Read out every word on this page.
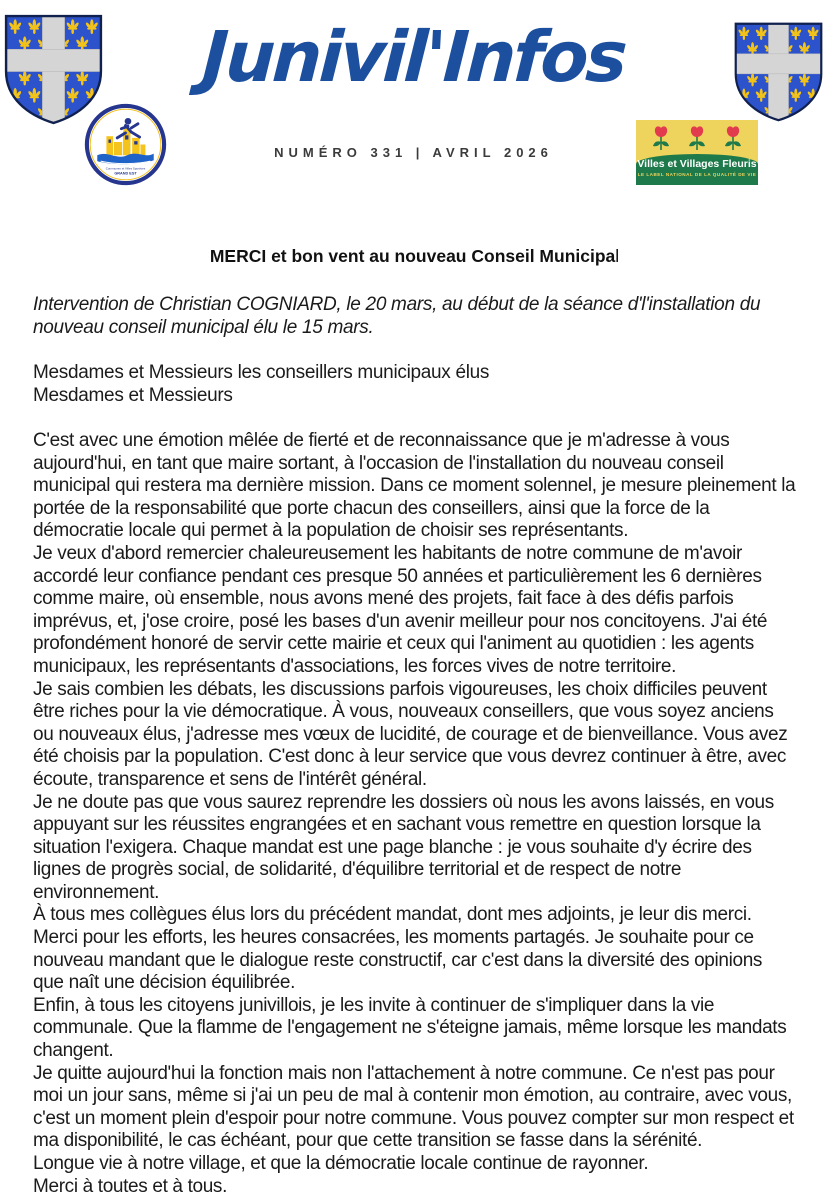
Junivil'Infos
NUMÉRO 331 | AVRIL 2026
Communes et Villes Sportives
GRAND EST
Villes et Villages Fleuris
LE LABEL NATIONAL DE LA QUALITÉ DE VIE
MERCI et bon vent au nouveau Conseil Municipal
Intervention de Christian COGNIARD, le 20 mars, au début de la séance d'l'installation du nouveau conseil municipal élu le 15 mars.
Mesdames et Messieurs les conseillers municipaux élus
Mesdames et Messieurs

C'est avec une émotion mêlée de fierté et de reconnaissance que je m'adresse à vous aujourd'hui, en tant que maire sortant, à l'occasion de l'installation du nouveau conseil municipal qui restera ma dernière mission. Dans ce moment solennel, je mesure pleinement la portée de la responsabilité que porte chacun des conseillers, ainsi que la force de la démocratie locale qui permet à la population de choisir ses représentants.

Je veux d'abord remercier chaleureusement les habitants de notre commune de m'avoir accordé leur confiance pendant ces presque 50 années et particulièrement les 6 dernières comme maire, où ensemble, nous avons mené des projets, fait face à des défis parfois imprévus, et, j'ose croire, posé les bases d'un avenir meilleur pour nos concitoyens. J'ai été profondément honoré de servir cette mairie et ceux qui l'animent au quotidien : les agents municipaux, les représentants d'associations, les forces vives de notre territoire.

Je sais combien les débats, les discussions parfois vigoureuses, les choix difficiles peuvent être riches pour la vie démocratique. À vous, nouveaux conseillers, que vous soyez anciens ou nouveaux élus, j'adresse mes vœux de lucidité, de courage et de bienveillance. Vous avez été choisis par la population. C'est donc à leur service que vous devrez continuer à être, avec écoute, transparence et sens de l'intérêt général.

Je ne doute pas que vous saurez reprendre les dossiers où nous les avons laissés, en vous appuyant sur les réussites engrangées et en sachant vous remettre en question lorsque la situation l'exigera. Chaque mandat est une page blanche : je vous souhaite d'y écrire des lignes de progrès social, de solidarité, d'équilibre territorial et de respect de notre environnement.

À tous mes collègues élus lors du précédent mandat, dont mes adjoints, je leur dis merci. Merci pour les efforts, les heures consacrées, les moments partagés. Je souhaite pour ce nouveau mandant que le dialogue reste constructif, car c'est dans la diversité des opinions que naît une décision équilibrée.

Enfin, à tous les citoyens junivillois, je les invite à continuer de s'impliquer dans la vie communale. Que la flamme de l'engagement ne s'éteigne jamais, même lorsque les mandats changent.

Je quitte aujourd'hui la fonction mais non l'attachement à notre commune. Ce n'est pas pour moi un jour sans, même si j'ai un peu de mal à contenir mon émotion, au contraire, avec vous, c'est un moment plein d'espoir pour notre commune. Vous pouvez compter sur mon respect et ma disponibilité, le cas échéant, pour que cette transition se fasse dans la sérénité.

Longue vie à notre village, et que la démocratie locale continue de rayonner.

Merci à toutes et à tous.
